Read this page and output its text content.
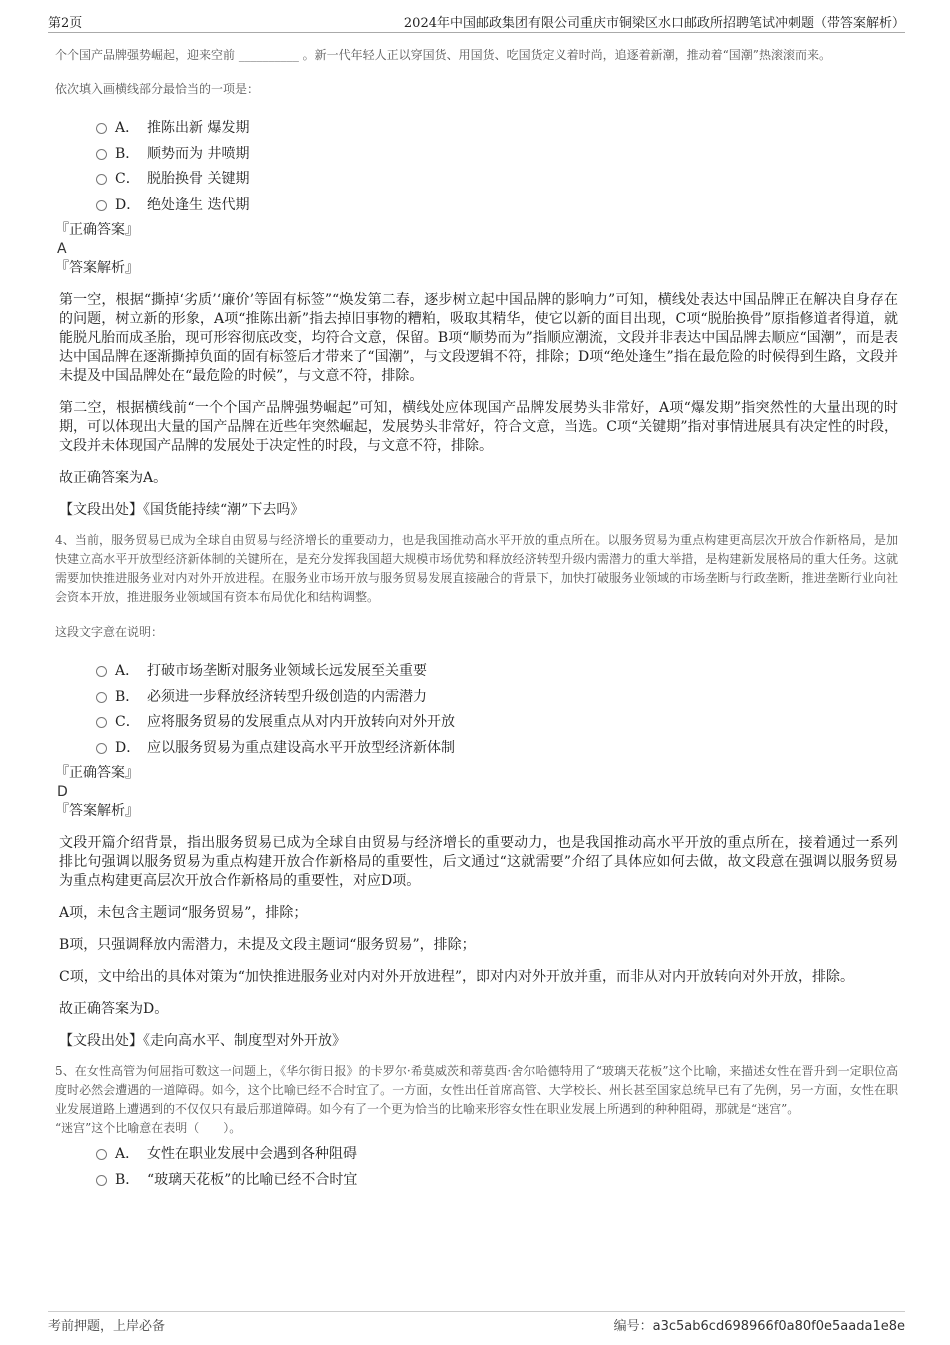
第2页	2024年中国邮政集团有限公司重庆市铜梁区水口邮政所招聘笔试冲刺题（带答案解析）

个个国产品牌强势崛起，迎来空前 __________ 。新一代年轻人正以穿国货、用国货、吃国货定义着时尚，追逐着新潮，推动着“国潮”热滚滚而来。

依次填入画横线部分最恰当的一项是：

A． 推陈出新 爆发期
B． 顺势而为 井喷期
C． 脱胎换骨 关键期
D． 绝处逢生 迭代期

『正确答案』

A

『答案解析』

第一空，根据“撕掉‘劣质’‘廉价’等固有标签”“焕发第二春，逐步树立起中国品牌的影响力”可知，横线处表达中国品牌正在解决自身存在的问题，树立新的形象，A项“推陈出新”指去掉旧事物的糟粕，吸取其精华，使它以新的面目出现，C项“脱胎换骨”原指修道者得道，就能脱凡胎而成圣胎，现可形容彻底改变，均符合文意，保留。B项“顺势而为”指顺应潮流，文段并非表达中国品牌去顺应“国潮”，而是表达中国品牌在逐渐撕掉负面的固有标签后才带来了“国潮”，与文段逻辑不符，排除；D项“绝处逢生”指在最危险的时候得到生路，文段并未提及中国品牌处在“最危险的时候”，与文意不符，排除。

第二空，根据横线前“一个个国产品牌强势崛起”可知，横线处应体现国产品牌发展势头非常好，A项“爆发期”指突然性的大量出现的时期，可以体现出大量的国产品牌在近些年突然崛起，发展势头非常好，符合文意，当选。C项“关键期”指对事情进展具有决定性的时段，文段并未体现国产品牌的发展处于决定性的时段，与文意不符，排除。

故正确答案为A。

【文段出处】《国货能持续“潮”下去吗》

4、当前，服务贸易已成为全球自由贸易与经济增长的重要动力，也是我国推动高水平开放的重点所在。以服务贸易为重点构建更高层次开放合作新格局，是加快建立高水平开放型经济新体制的关键所在，是充分发挥我国超大规模市场优势和释放经济转型升级内需潜力的重大举措，是构建新发展格局的重大任务。这就需要加快推进服务业对内对外开放进程。在服务业市场开放与服务贸易发展直接融合的背景下，加快打破服务业领域的市场垄断与行政垄断，推进垄断行业向社会资本开放，推进服务业领域国有资本布局优化和结构调整。

这段文字意在说明：

A． 打破市场垄断对服务业领域长远发展至关重要
B． 必须进一步释放经济转型升级创造的内需潜力
C． 应将服务贸易的发展重点从对内开放转向对外开放
D． 应以服务贸易为重点建设高水平开放型经济新体制

『正确答案』

D

『答案解析』

文段开篇介绍背景，指出服务贸易已成为全球自由贸易与经济增长的重要动力，也是我国推动高水平开放的重点所在，接着通过一系列排比句强调以服务贸易为重点构建开放合作新格局的重要性，后文通过“这就需要”介绍了具体应如何去做，故文段意在强调以服务贸易为重点构建更高层次开放合作新格局的重要性，对应D项。

A项，未包含主题词“服务贸易”，排除；

B项，只强调释放内需潜力，未提及文段主题词“服务贸易”，排除；

C项，文中给出的具体对策为“加快推进服务业对内对外开放进程”，即对内对外开放并重，而非从对内开放转向对外开放，排除。

故正确答案为D。

【文段出处】《走向高水平、制度型对外开放》

5、在女性高管为何屈指可数这一问题上，《华尔街日报》的卡罗尔·希莫威茨和蒂莫西·舍尔哈德特用了“玻璃天花板”这个比喻，来描述女性在晋升到一定职位高度时必然会遭遇的一道障碍。如今，这个比喻已经不合时宜了。一方面，女性出任首席高管、大学校长、州长甚至国家总统早已有了先例，另一方面，女性在职业发展道路上遭遇到的不仅仅只有最后那道障碍。如今有了一个更为恰当的比喻来形容女性在职业发展上所遇到的种种阻碍，那就是“迷宫”。

“迷宫”这个比喻意在表明（　　）。

A． 女性在职业发展中会遇到各种阻碍
B． “玻璃天花板”的比喻已经不合时宜
考前押题，上岸必备	编号：a3c5ab6cd698966f0a80f0e5aada1e8e
